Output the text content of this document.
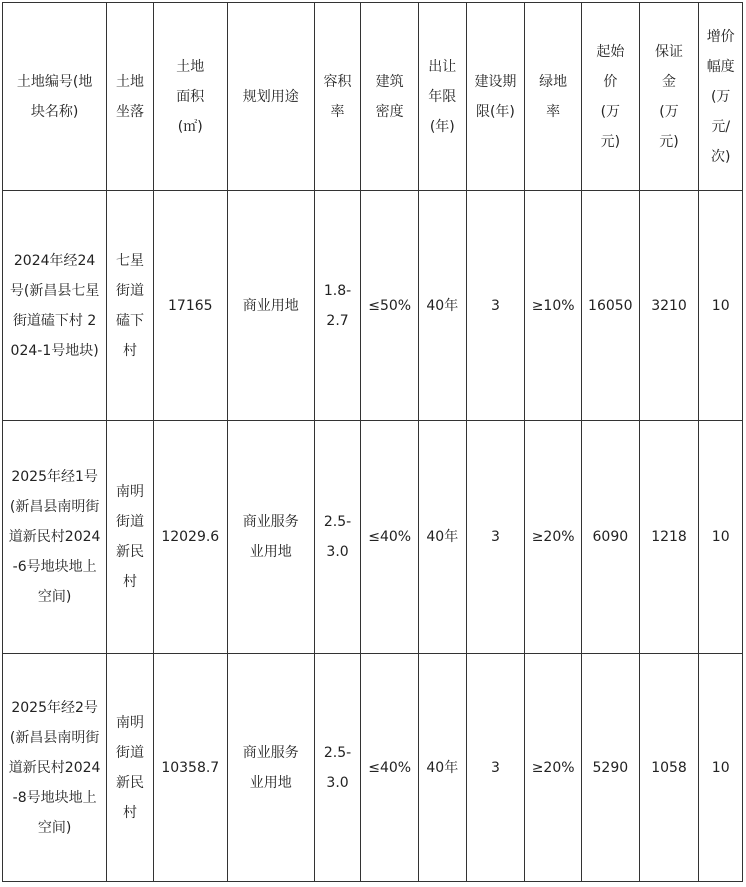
土地编号(地块名称)	土地坐落	土地面积(㎡)	规划用途	容积率	建筑密度	出让年限(年)	建设期限(年)	绿地率	起始价(万元)	保证金(万元)	增价幅度(万元/次)
2024年经24号(新昌县七星街道磕下村 2024-1号地块)	七星街道磕下村	17165	商业用地	1.8-2.7	≤50%	40年	3	≥10%	16050	3210	10
2025年经1号(新昌县南明街道新民村2024-6号地块地上空间)	南明街道新民村	12029.6	商业服务业用地	2.5-3.0	≤40%	40年	3	≥20%	6090	1218	10
2025年经2号(新昌县南明街道新民村2024-8号地块地上空间)	南明街道新民村	10358.7	商业服务业用地	2.5-3.0	≤40%	40年	3	≥20%	5290	1058	10
